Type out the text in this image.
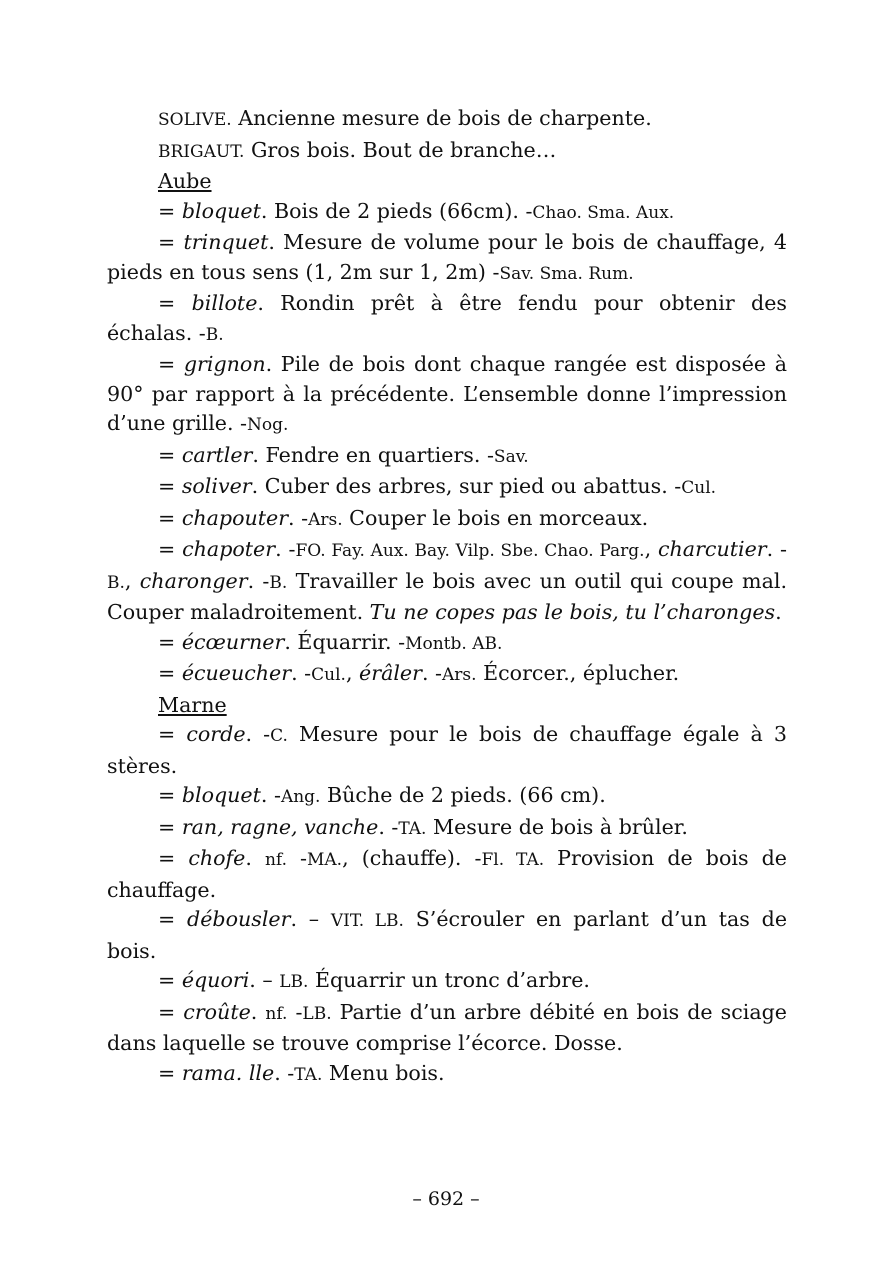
SOLIVE. Ancienne mesure de bois de charpente.

BRIGAUT. Gros bois. Bout de branche…

Aube

= bloquet. Bois de 2 pieds (66cm). -Chao. Sma. Aux.

= trinquet. Mesure de volume pour le bois de chauffage, 4 pieds en tous sens (1, 2m sur 1, 2m) -Sav. Sma. Rum.

= billote. Rondin prêt à être fendu pour obtenir des échalas. -B.

= grignon. Pile de bois dont chaque rangée est disposée à 90° par rapport à la précédente. L’ensemble donne l’impression d’une grille. -Nog.

= cartler. Fendre en quartiers. -Sav.

= soliver. Cuber des arbres, sur pied ou abattus. -Cul.

= chapouter. -Ars. Couper le bois en morceaux.

= chapoter. -FO. Fay. Aux. Bay. Vilp. Sbe. Chao. Parg., charcutier. -B., charonger. -B. Travailler le bois avec un outil qui coupe mal. Couper maladroitement. Tu ne copes pas le bois, tu l’charonges.

= écœurner. Équarrir. -Montb. AB.

= écueucher. -Cul., érâler. -Ars. Écorcer., éplucher.

Marne

= corde. -C. Mesure pour le bois de chauffage égale à 3 stères.

= bloquet. -Ang. Bûche de 2 pieds. (66 cm).

= ran, ragne, vanche. -TA. Mesure de bois à brûler.

= chofe. nf. -MA., (chauffe). -Fl. TA. Provision de bois de chauffage.

= débousler. – VIT. LB. S’écrouler en parlant d’un tas de bois.

= équori. – LB. Équarrir un tronc d’arbre.

= croûte. nf. -LB. Partie d’un arbre débité en bois de sciage dans laquelle se trouve comprise l’écorce. Dosse.

= rama. lle. -TA. Menu bois.

– 692 –
